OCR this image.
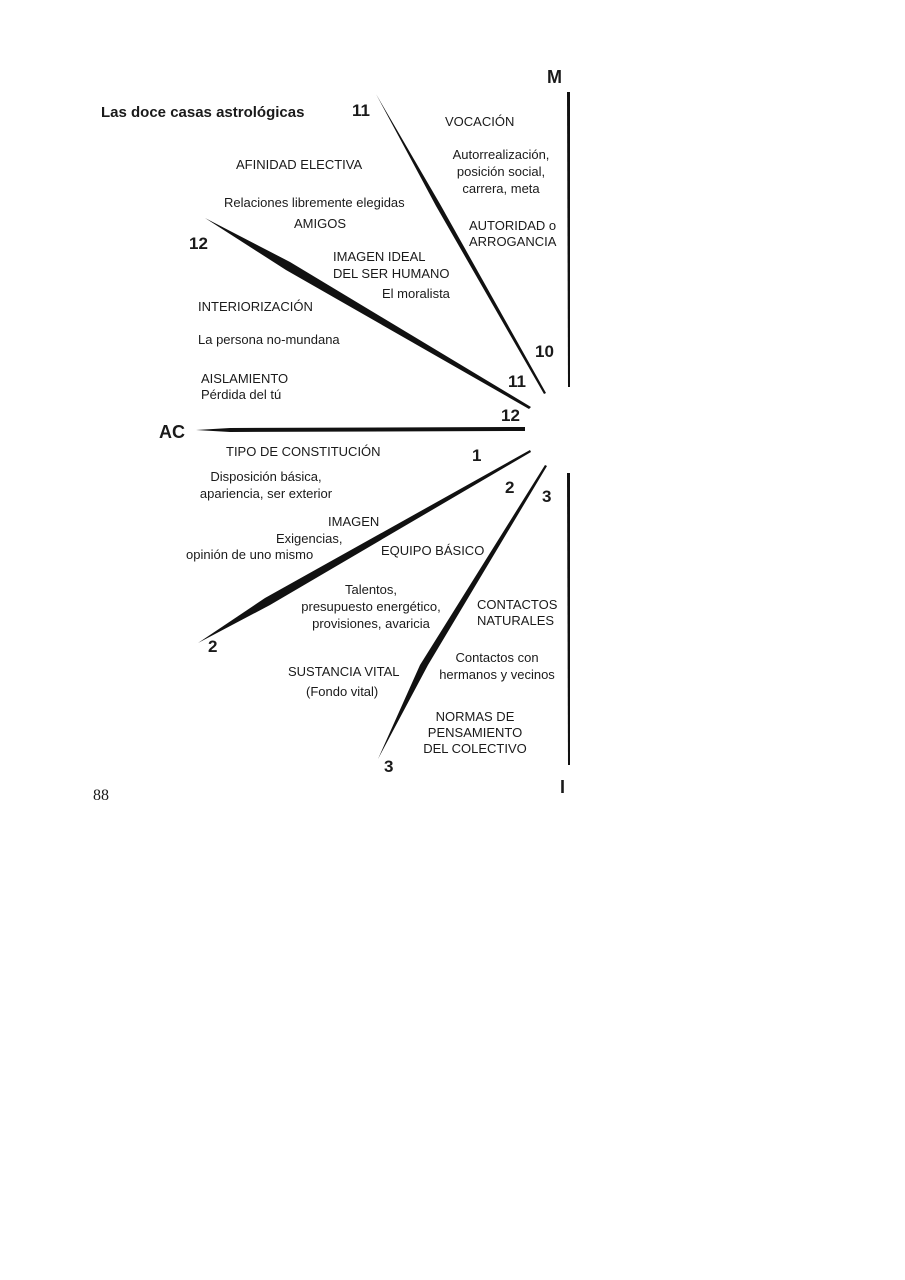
Las doce casas astrológicas
88
M
AC
I
11
12
10
11
12
1
2 3
2
3
VOCACIÓN
Autorrealización,
posición social,
carrera, meta
AUTORIDAD o
ARROGANCIA
AFINIDAD ELECTIVA
Relaciones libremente elegidas
AMIGOS
IMAGEN IDEAL
DEL SER HUMANO
El moralista
INTERIORIZACIÓN
La persona no-mundana
AISLAMIENTO
Pérdida del tú
TIPO DE CONSTITUCIÓN
Disposición básica,
apariencia, ser exterior
IMAGEN
Exigencias,
opinión de uno mismo	EQUIPO BÁSICO
Talentos,
presupuesto energético,
provisiones, avaricia
SUSTANCIA VITAL
(Fondo vital)
CONTACTOS
NATURALES
Contactos con
hermanos y vecinos
NORMAS DE
PENSAMIENTO
DEL COLECTIVO
